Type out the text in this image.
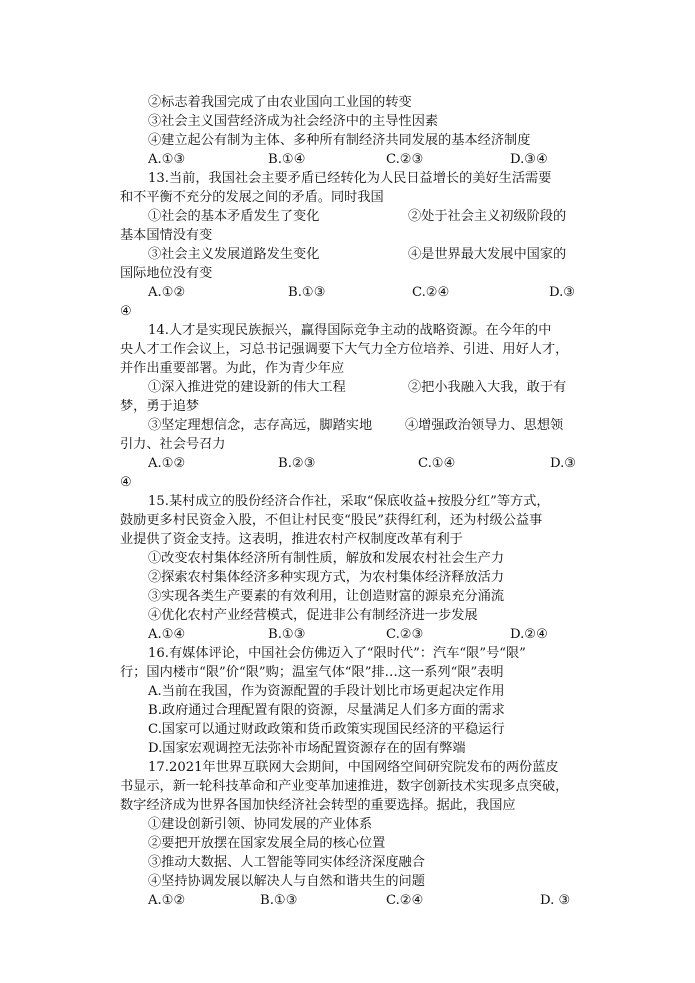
②标志着我国完成了由农业国向工业国的转变
③社会主义国营经济成为社会经济中的主导性因素
④建立起公有制为主体、多种所有制经济共同发展的基本经济制度
A.①③	B.①④	C.②③	D.③④
13.当前，我国社会主要矛盾已经转化为人民日益增长的美好生活需要
和不平衡不充分的发展之间的矛盾。同时我国
①社会的基本矛盾发生了变化	②处于社会主义初级阶段的
基本国情没有变
③社会主义发展道路发生变化	④是世界最大发展中国家的
国际地位没有变
A.①②	B.①③	C.②④	D.③
④
14.人才是实现民族振兴，赢得国际竞争主动的战略资源。在今年的中
央人才工作会议上，习总书记强调要下大气力全方位培养、引进、用好人才，
并作出重要部署。为此，作为青少年应
①深入推进党的建设新的伟大工程	②把小我融入大我，敢于有
梦，勇于追梦
③坚定理想信念，志存高远，脚踏实地 ④增强政治领导力、思想领
引力、社会号召力
A.①②	B.②③	C.①④	D.③
④
15.某村成立的股份经济合作社，采取“保底收益+按股分红”等方式，
鼓励更多村民资金入股，不但让村民变“股民”获得红利，还为村级公益事
业提供了资金支持。这表明，推进农村产权制度改革有利于
①改变农村集体经济所有制性质，解放和发展农村社会生产力
②探索农村集体经济多种实现方式，为农村集体经济释放活力
③实现各类生产要素的有效利用，让创造财富的源泉充分涌流
④优化农村产业经营模式，促进非公有制经济进一步发展
A.①④	B.①③	C.②③	D.②④
16.有媒体评论，中国社会仿佛迈入了“限时代”：汽车“限”号“限”
行；国内楼市“限”价“限”购；温室气体“限”排…这一系列“限”表明
A.当前在我国，作为资源配置的手段计划比市场更起决定作用
B.政府通过合理配置有限的资源，尽量满足人们多方面的需求
C.国家可以通过财政政策和货币政策实现国民经济的平稳运行
D.国家宏观调控无法弥补市场配置资源存在的固有弊端
17.2021年世界互联网大会期间，中国网络空间研究院发布的两份蓝皮
书显示，新一轮科技革命和产业变革加速推进，数字创新技术实现多点突破，
数字经济成为世界各国加快经济社会转型的重要选择。据此，我国应
①建设创新引领、协同发展的产业体系
②要把开放摆在国家发展全局的核心位置
③推动大数据、人工智能等同实体经济深度融合
④坚持协调发展以解决人与自然和谐共生的问题
A.①②	B.①③	C.②④	D. ③
